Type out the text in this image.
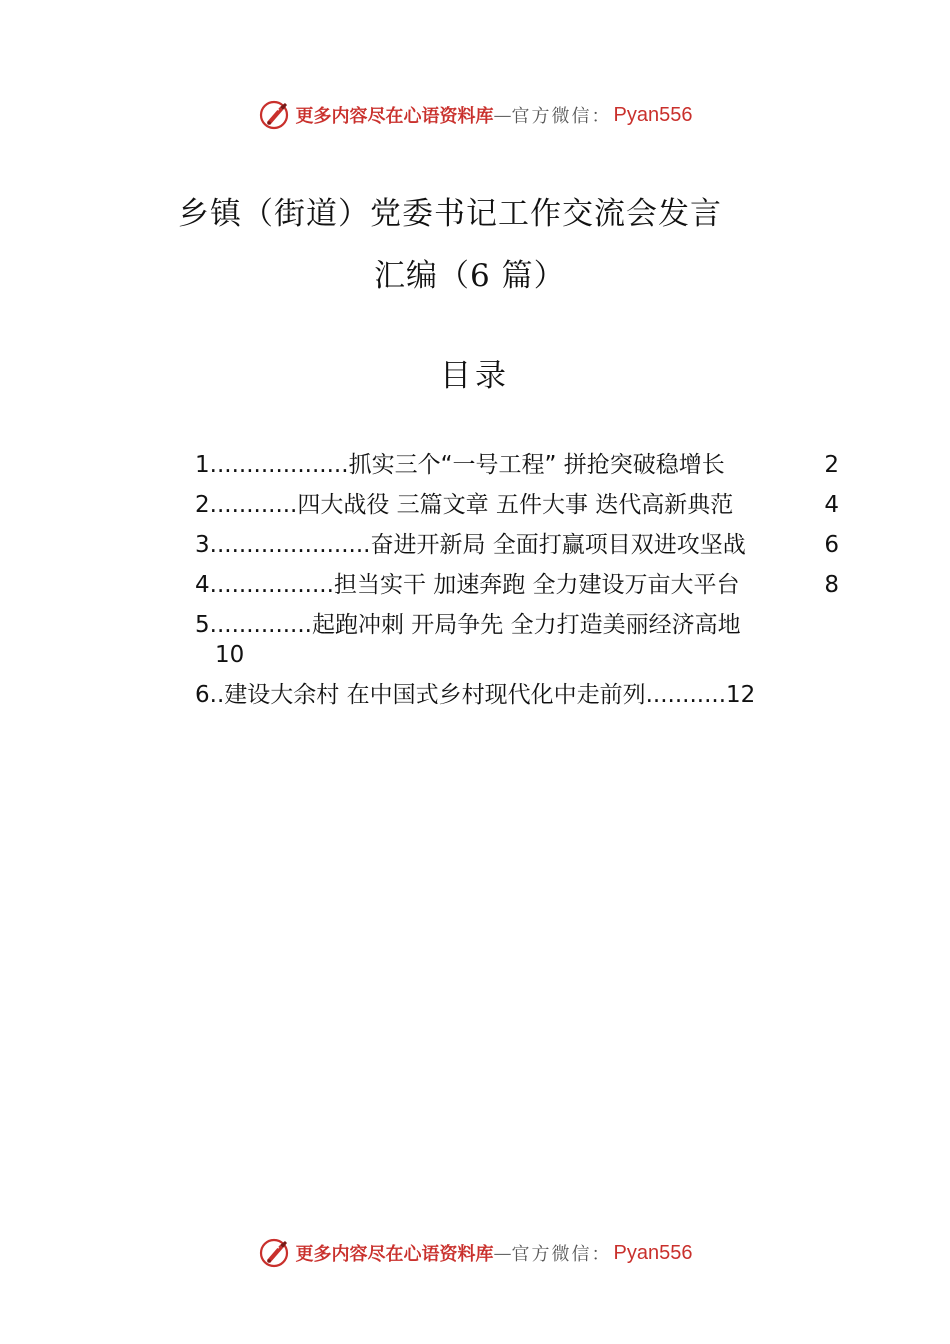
更多内容尽在心语资料库 — 官方微信： Pyan556
乡镇（街道）党委书记工作交流会发言
汇编（6 篇）
目录
1...................抓实三个“一号工程” 拼抢突破稳增长	2
2............四大战役 三篇文章 五件大事 迭代高新典范	4
3......................奋进开新局 全面打赢项目双进攻坚战	6
4.................担当实干 加速奔跑 全力建设万亩大平台	8
5..............起跑冲刺 开局争先 全力打造美丽经济高地
10
6..建设大余村 在中国式乡村现代化中走前列...........12
更多内容尽在心语资料库 — 官方微信： Pyan556
